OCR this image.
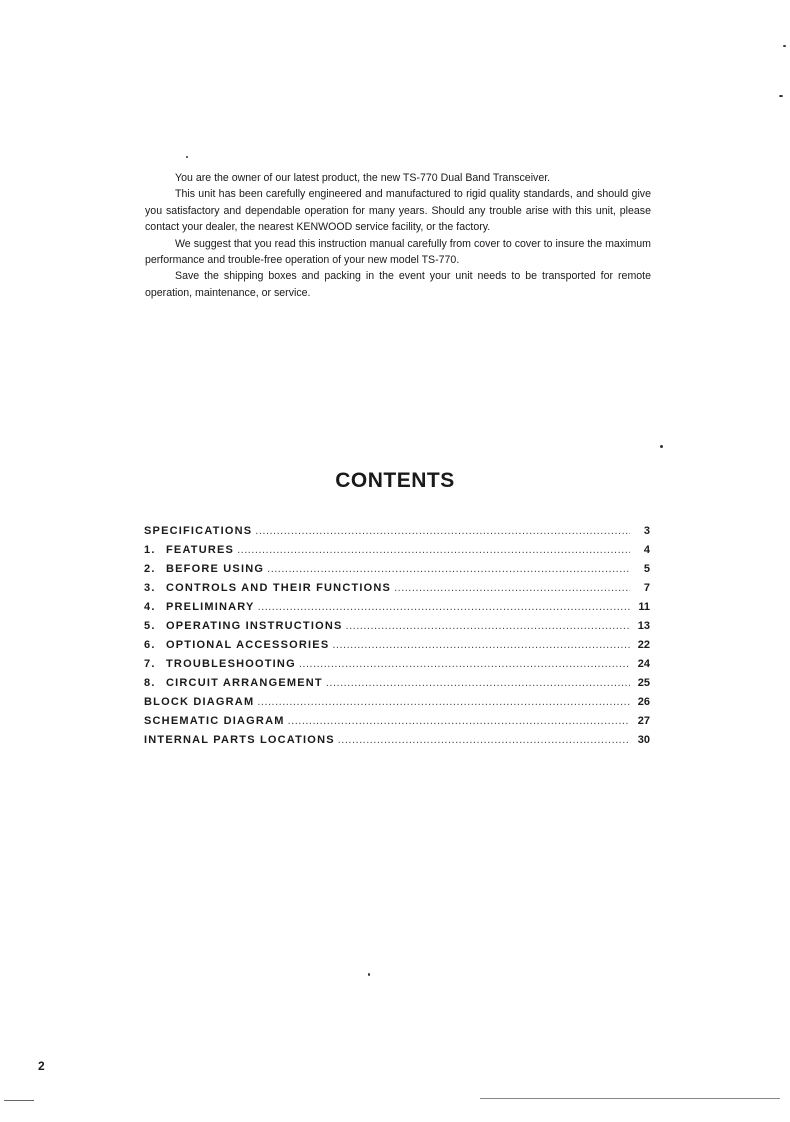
You are the owner of our latest product, the new TS-770 Dual Band Transceiver.

This unit has been carefully engineered and manufactured to rigid quality standards, and should give you satisfactory and dependable operation for many years. Should any trouble arise with this unit, please contact your dealer, the nearest KENWOOD service facility, or the factory.

We suggest that you read this instruction manual carefully from cover to cover to insure the maximum performance and trouble-free operation of your new model TS-770.

Save the shipping boxes and packing in the event your unit needs to be transported for remote operation, maintenance, or service.

CONTENTS
SPECIFICATIONS .....	3
1. FEATURES .....	4
2. BEFORE USING .....	5
3. CONTROLS AND THEIR FUNCTIONS .....	7
4. PRELIMINARY .....	11
5. OPERATING INSTRUCTIONS .....	13
6. OPTIONAL ACCESSORIES .....	22
7. TROUBLESHOOTING .....	24
8. CIRCUIT ARRANGEMENT .....	25
BLOCK DIAGRAM .....	26
SCHEMATIC DIAGRAM .....	27
INTERNAL PARTS LOCATIONS .....	30
2
